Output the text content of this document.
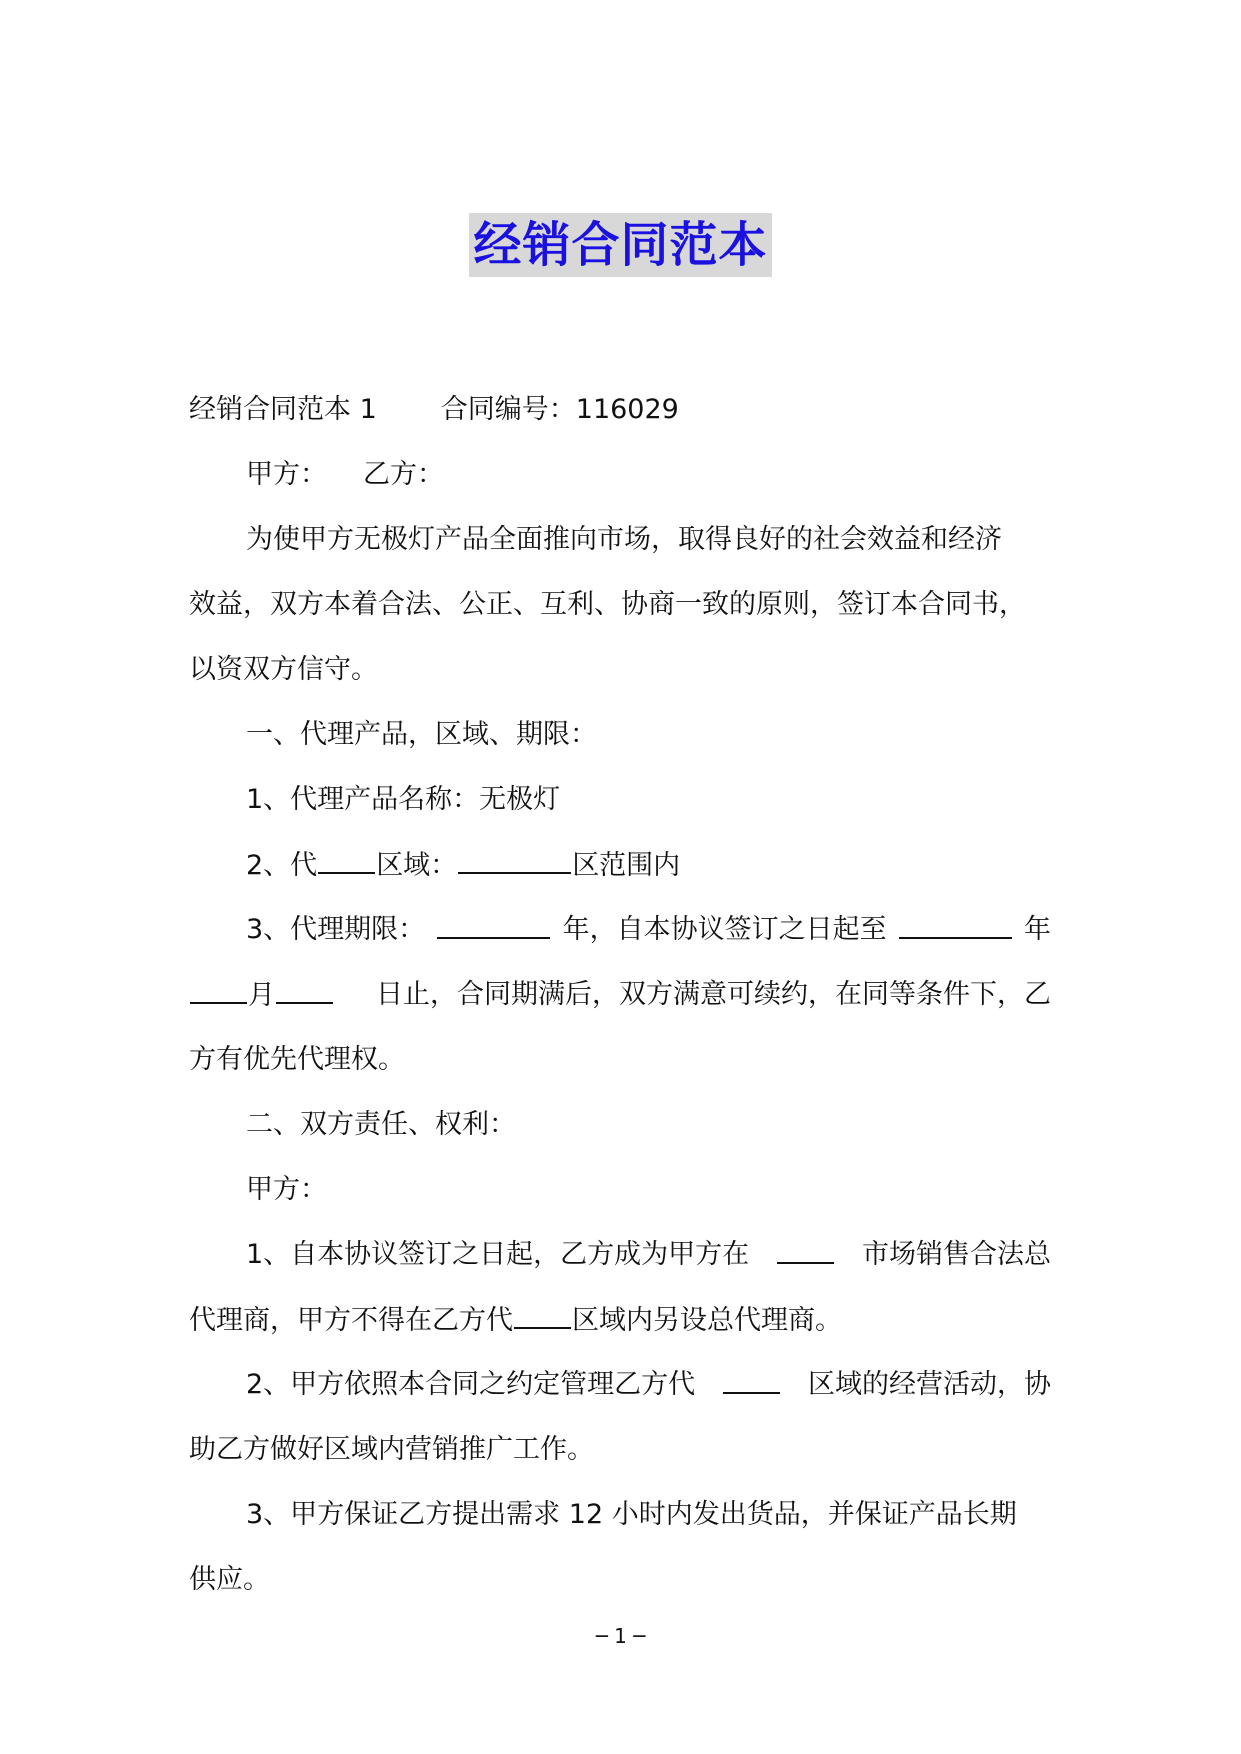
经销合同范本
经销合同范本 1 合同编号：116029
甲方： 乙方：
为使甲方无极灯产品全面推向市场，取得良好的社会效益和经济
效益，双方本着合法、公正、互利、协商一致的原则，签订本合同书，
以资双方信守。
一、代理产品，区域、期限：
1、代理产品名称：无极灯
2、代 区域：	区范围内
3、代理期限：	年，自本协议签订之日起至	年
月	日止，合同期满后，双方满意可续约，在同等条件下，乙
方有优先代理权。
二、双方责任、权利：
甲方：
1、自本协议签订之日起，乙方成为甲方在	市场销售合法总
代理商，甲方不得在乙方代 区域内另设总代理商。
2、甲方依照本合同之约定管理乙方代	区域的经营活动，协
助乙方做好区域内营销推广工作。
3、甲方保证乙方提出需求 12 小时内发出货品，并保证产品长期
供应。
─ 1 ─
